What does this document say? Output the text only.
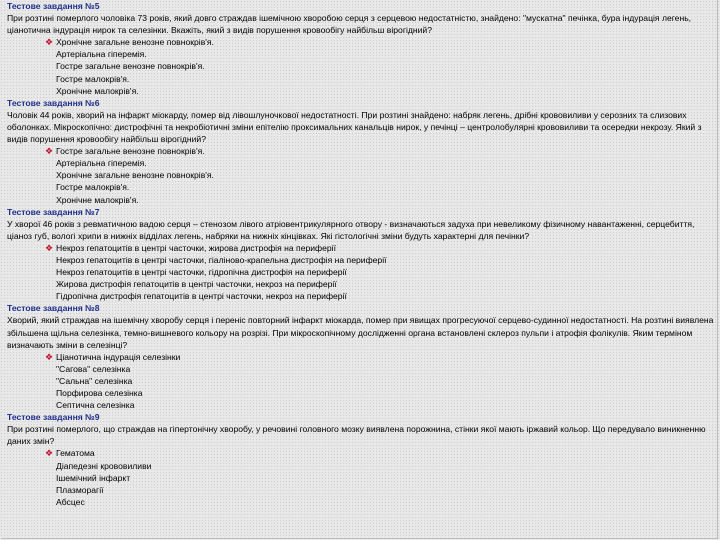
Тестове завдання №5
При розтині померлого чоловіка 73 років, який довго страждав ішемічною хворобою серця з серцевою недостатністю, знайдено: "мускатна" печінка, бура індурація легень, ціанотична індурація нирок та селезінки. Вкажіть, який з видів порушення кровообігу найбільш вірогідний?
❖ Хронічне загальне венозне повнокрів'я.
Артеріальна гіперемія.
Гостре загальне венозне повнокрів'я.
Гостре малокрів'я.
Хронічне малокрів'я.
Тестове завдання №6
Чоловік 44 років, хворий на інфаркт міокарду, помер від лівошлуночкової недостатності. При розтині знайдено: набряк легень, дрібні крововиливи у серозних та слизових оболонках. Мікроскопічно: дистрофічні та некробіотичні зміни епітелію проксимальних канальців нирок, у печінці – центролобулярні крововиливи та осередки некрозу. Який з видів порушення кровообігу найбільш вірогідний?
❖ Гостре загальне венозне повнокрів'я.
Артеріальна гіперемія.
Хронічне загальне венозне повнокрів'я.
Гостре малокрів'я.
Хронічне малокрів'я.
Тестове завдання №7
У хворої 46 років з ревматичною вадою серця – стенозом лівого атріовентрикулярного отвору - визначаються задуха при невеликому фізичному навантаженні, серцебиття, ціаноз губ, вологі хрипи в нижніх відділах легень, набряки на нижніх кінцівках. Які гістологічні зміни будуть характерні для печінки?
❖ Некроз гепатоцитів в центрі часточки, жирова дистрофія на периферії
Некроз гепатоцитів в центрі часточки, гіаліново-крапельна дистрофія на периферії
Некроз гепатоцитів в центрі часточки, гідропічна дистрофія на периферії
Жирова дистрофія гепатоцитів в центрі часточки, некроз на периферії
Гідропічна дистрофія гепатоцитів в центрі часточки, некроз на периферії
Тестове завдання №8
Хворий, який страждав на ішемічну хворобу серця і переніс повторний інфаркт міокарда, помер при явищах прогресуючої серцево-судинної недостатності. На розтині виявлена збільшена щільна селезінка, темно-вишневого кольору на розрізі. При мікроскопічному дослідженні органа встановлені склероз пульпи і атрофія фолікулів. Яким терміном визначають зміни в селезінці?
❖ Ціанотична індурація селезінки
"Сагова" селезінка
"Сальна" селезінка
Порфирова селезінка
Септична селезінка
Тестове завдання №9
При розтині померлого, що страждав на гіпертонічну хворобу, у речовині головного мозку виявлена порожнина, стінки якої мають іржавий кольор. Що передувало виникненню даних змін?
❖ Гематома
Діапедезні крововиливи
Ішемічний інфаркт
Плазморагії
Абсцес
